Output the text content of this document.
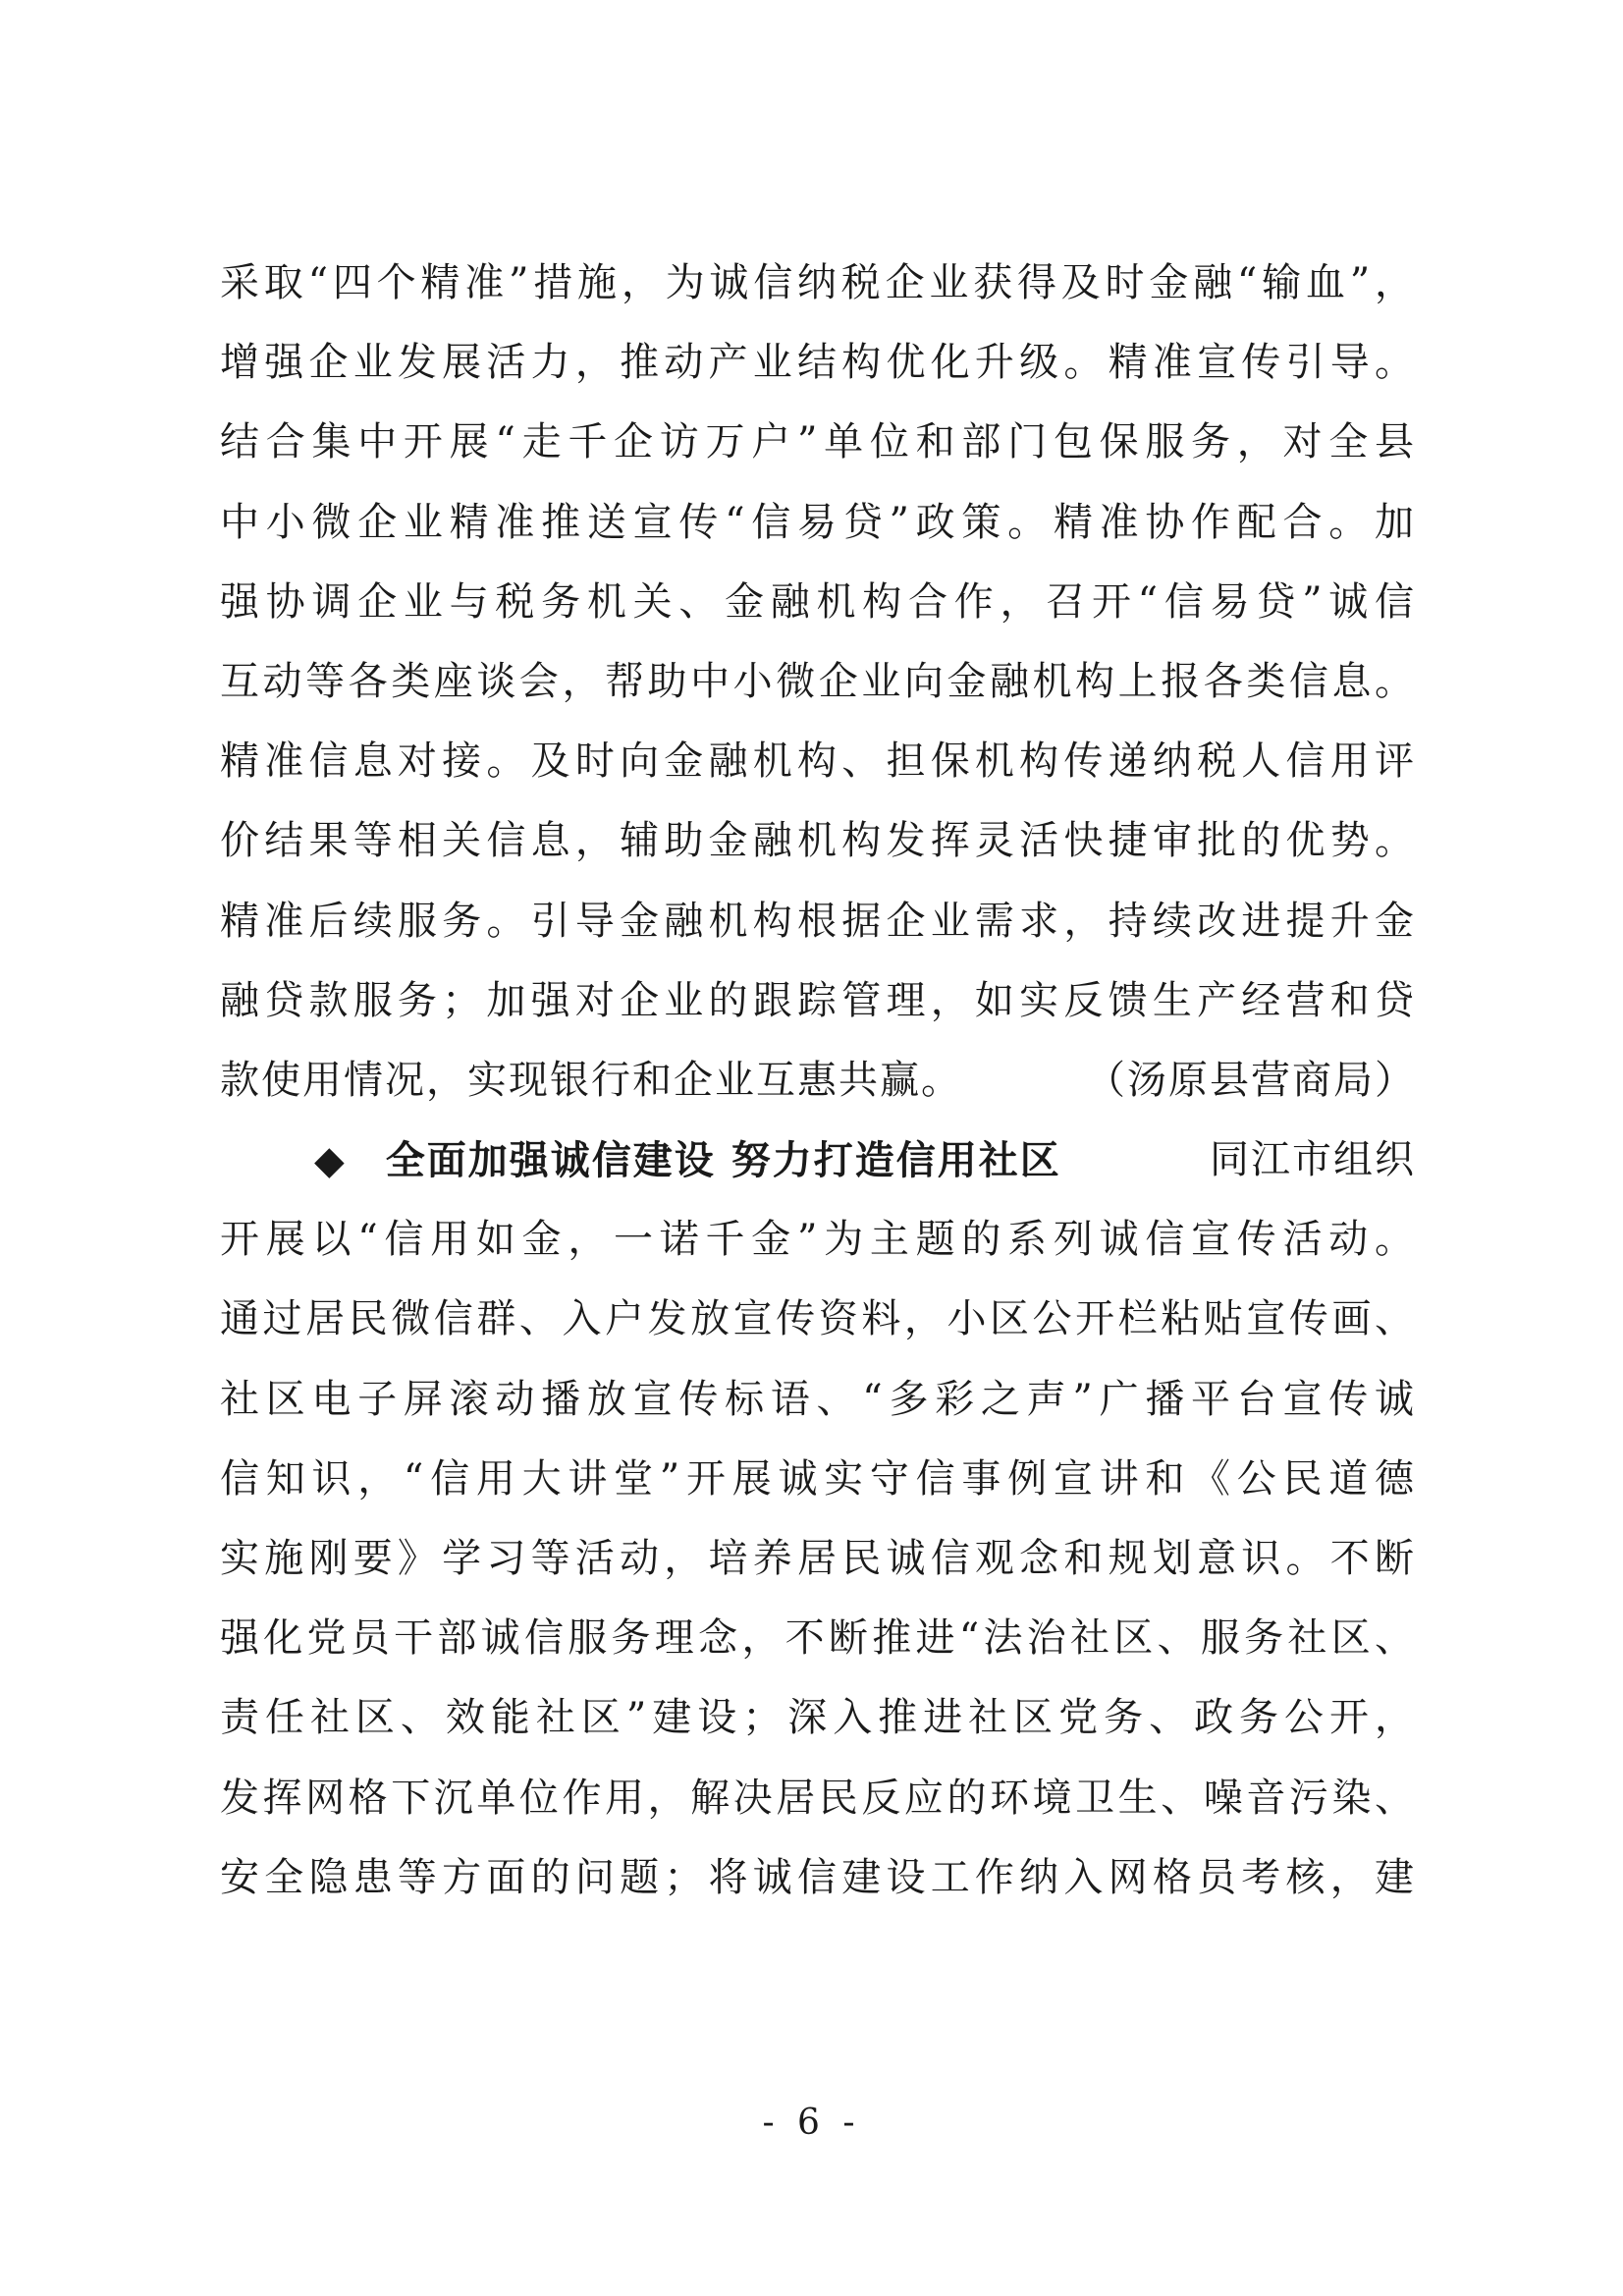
采取“四个精准”措施，为诚信纳税企业获得及时金融“输血”，
增强企业发展活力，推动产业结构优化升级。精准宣传引导。
结合集中开展“走千企访万户”单位和部门包保服务，对全县
中小微企业精准推送宣传“信易贷”政策。精准协作配合。加
强协调企业与税务机关、金融机构合作，召开“信易贷”诚信
互动等各类座谈会，帮助中小微企业向金融机构上报各类信息。
精准信息对接。及时向金融机构、担保机构传递纳税人信用评
价结果等相关信息，辅助金融机构发挥灵活快捷审批的优势。
精准后续服务。引导金融机构根据企业需求，持续改进提升金
融贷款服务；加强对企业的跟踪管理，如实反馈生产经营和贷
款使用情况，实现银行和企业互惠共赢。	（汤原县营商局）
◆ 全面加强诚信建设 努力打造信用社区	同江市组织
开展以“信用如金，一诺千金”为主题的系列诚信宣传活动。
通过居民微信群、入户发放宣传资料，小区公开栏粘贴宣传画、
社区电子屏滚动播放宣传标语、“多彩之声”广播平台宣传诚
信知识，“信用大讲堂”开展诚实守信事例宣讲和《公民道德
实施刚要》学习等活动，培养居民诚信观念和规划意识。不断
强化党员干部诚信服务理念，不断推进“法治社区、服务社区、
责任社区、效能社区”建设；深入推进社区党务、政务公开，
发挥网格下沉单位作用，解决居民反应的环境卫生、噪音污染、
安全隐患等方面的问题；将诚信建设工作纳入网格员考核，建
- 6 -
